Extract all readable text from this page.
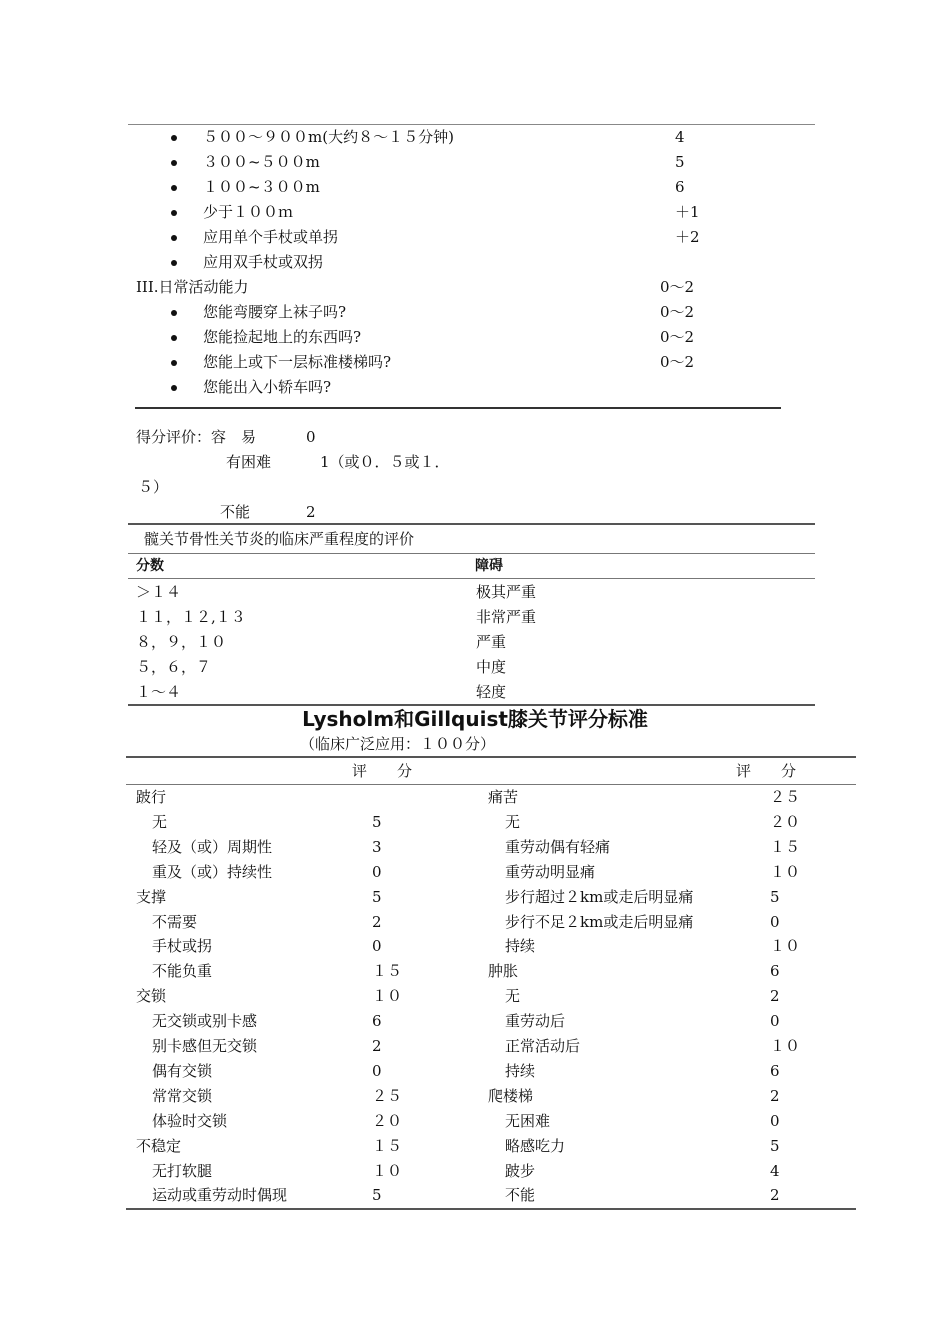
５００～９００m(大约８～１５分钟)	4
３００~５００m	5
１００~３００m	6
少于１００ｍ	＋1
应用单个手杖或单拐	＋2
应用双手杖或双拐
III.日常活动能力	0～2
您能弯腰穿上袜子吗?	0～2
您能捡起地上的东西吗?	0～2
您能上或下一层标准楼梯吗?	0～2
您能出入小轿车吗?
得分评价：容　易	0
有困难	1（或０．５或１．
５）
不能	2
髋关节骨性关节炎的临床严重程度的评价
分数	障碍
＞１４	极其严重
１１，１２,１３	非常严重
８，９，１０	严重
５，６，７	中度
１～４	轻度
Lysholm和Gillquist膝关节评分标准
（临床广泛应用：１００分）
评　　分	评　　分
跛行
无	5
轻及（或）周期性	3
重及（或）持续性	0
支撑	5
不需要	2
手杖或拐	0
不能负重	１５
交锁	１０
无交锁或别卡感	6
别卡感但无交锁	2
偶有交锁	0
常常交锁	２５
体验时交锁	２０
不稳定	１５
无打软腿	１０
运动或重劳动时偶现	5
痛苦	２５
无	２０
重劳动偶有轻痛	１５
重劳动明显痛	１０
步行超过２km或走后明显痛	5
步行不足２km或走后明显痛	0
持续	１０
肿胀	6
无	2
重劳动后	0
正常活动后	１０
持续	6
爬楼梯	2
无困难	0
略感吃力	5
跛步	4
不能	2
